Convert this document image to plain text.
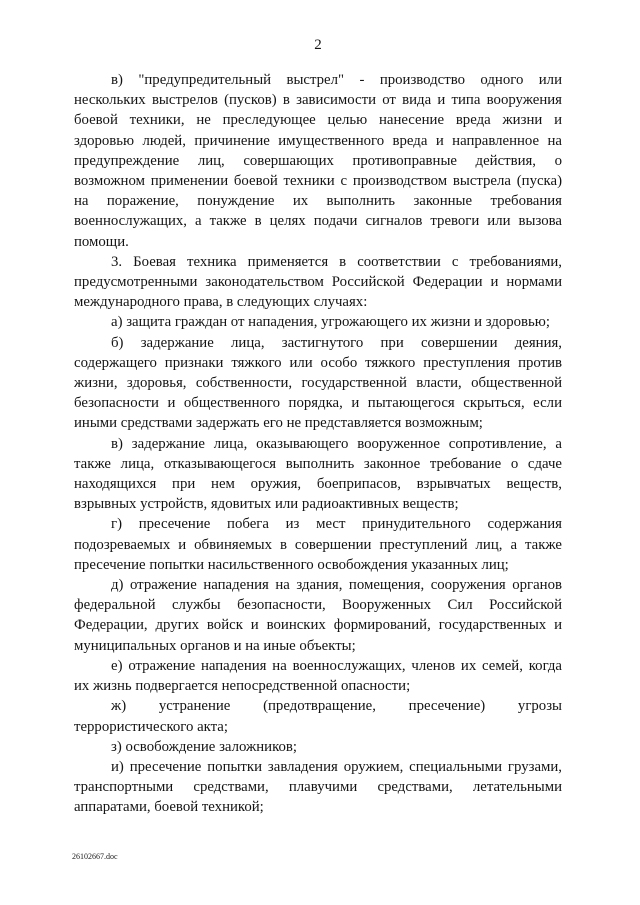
2
в) "предупредительный выстрел" - производство одного или
нескольких выстрелов (пусков) в зависимости от вида и типа вооружения
боевой техники, не преследующее целью нанесение вреда жизни и
здоровью людей, причинение имущественного вреда и направленное на
предупреждение лиц, совершающих противоправные действия, о
возможном применении боевой техники с производством выстрела (пуска)
на поражение, понуждение их выполнить законные требования
военнослужащих, а также в целях подачи сигналов тревоги или вызова
помощи.
3. Боевая техника применяется в соответствии с требованиями,
предусмотренными законодательством Российской Федерации и нормами
международного права, в следующих случаях:
а) защита граждан от нападения, угрожающего их жизни и здоровью;
б) задержание лица, застигнутого при совершении деяния,
содержащего признаки тяжкого или особо тяжкого преступления против
жизни, здоровья, собственности, государственной власти, общественной
безопасности и общественного порядка, и пытающегося скрыться, если
иными средствами задержать его не представляется возможным;
в) задержание лица, оказывающего вооруженное сопротивление, а
также лица, отказывающегося выполнить законное требование о сдаче
находящихся при нем оружия, боеприпасов, взрывчатых веществ,
взрывных устройств, ядовитых или радиоактивных веществ;
г) пресечение побега из мест принудительного содержания
подозреваемых и обвиняемых в совершении преступлений лиц, а также
пресечение попытки насильственного освобождения указанных лиц;
д) отражение нападения на здания, помещения, сооружения органов
федеральной службы безопасности, Вооруженных Сил Российской
Федерации, других войск и воинских формирований, государственных и
муниципальных органов и на иные объекты;
е) отражение нападения на военнослужащих, членов их семей, когда
их жизнь подвергается непосредственной опасности;
ж) устранение (предотвращение, пресечение) угрозы
террористического акта;
з) освобождение заложников;
и) пресечение попытки завладения оружием, специальными грузами,
транспортными средствами, плавучими средствами, летательными
аппаратами, боевой техникой;
26102667.doc
